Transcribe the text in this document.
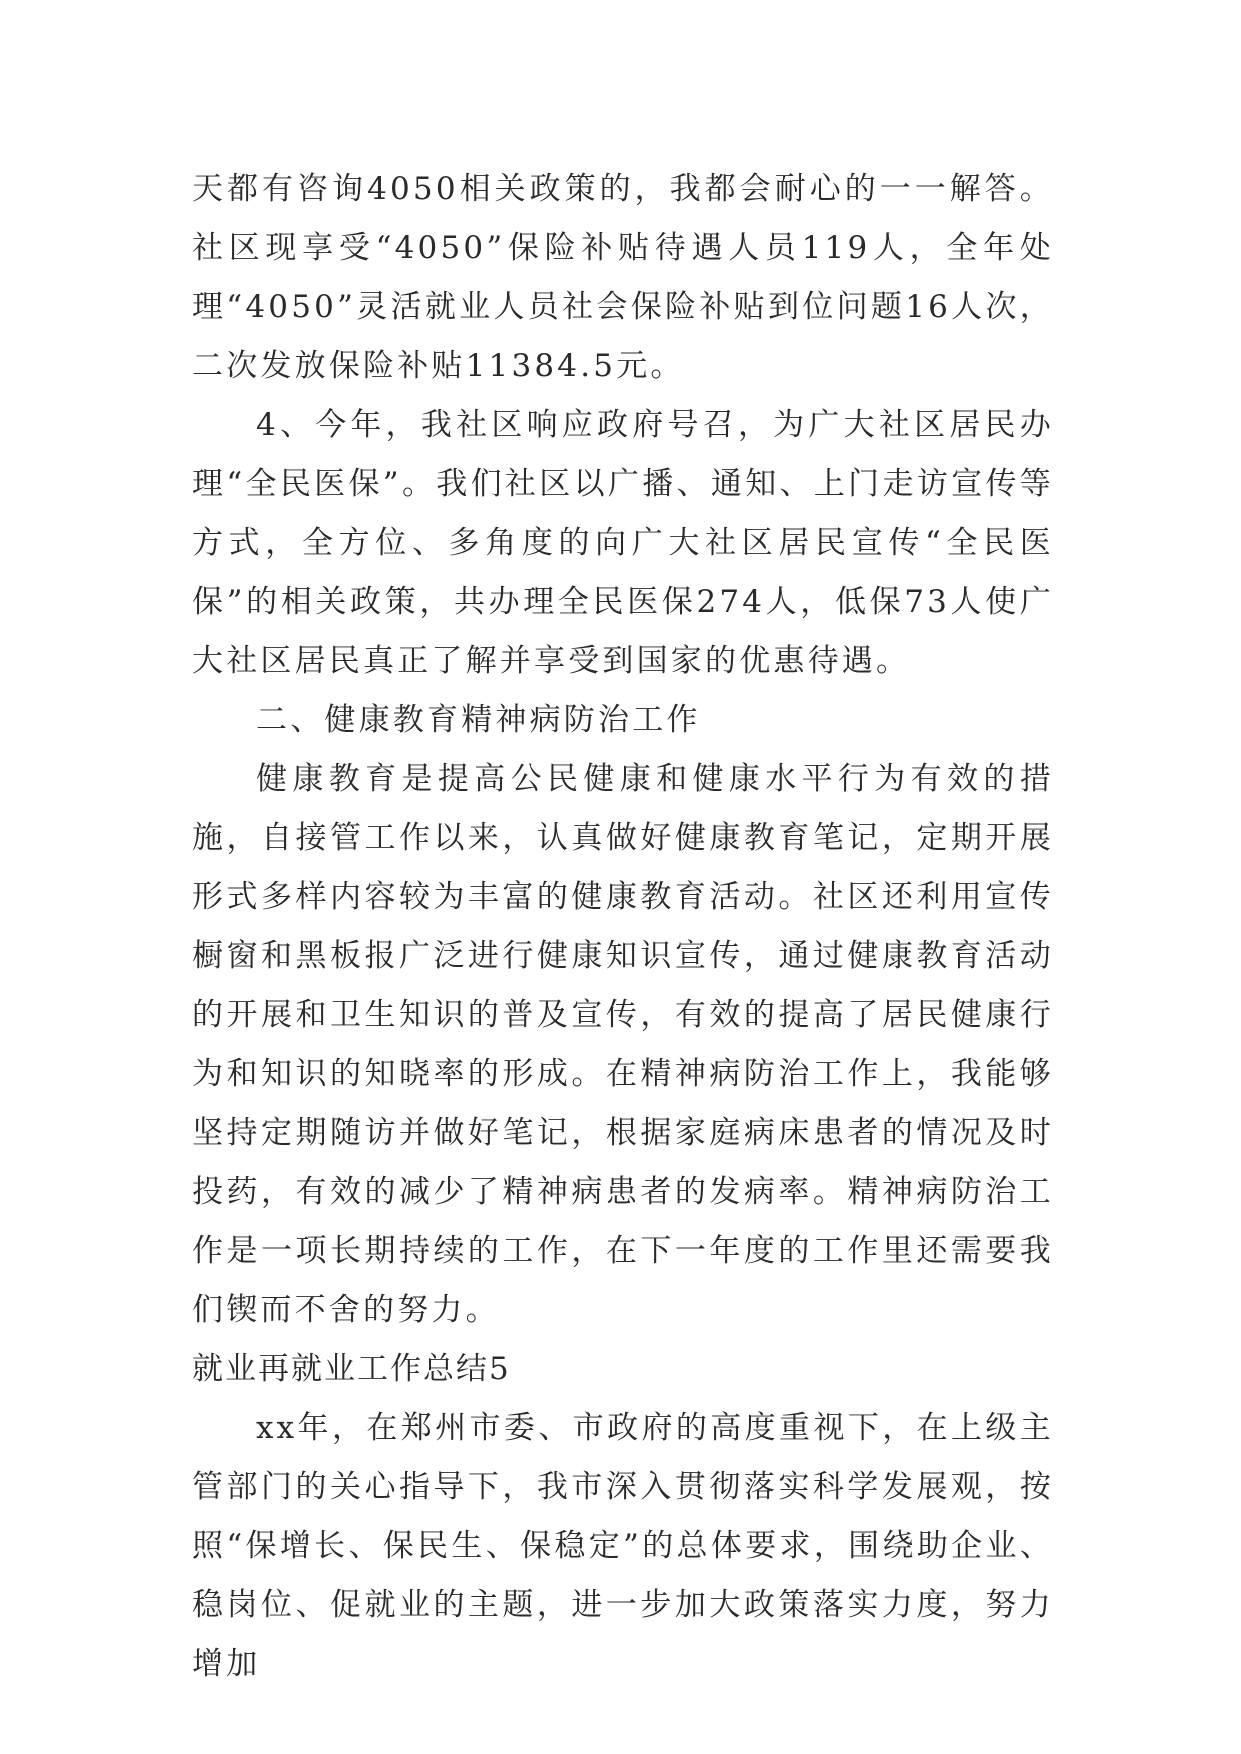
天都有咨询4050相关政策的，我都会耐心的一一解答。社区现享受“4050”保险补贴待遇人员119人，全年处理“4050”灵活就业人员社会保险补贴到位问题16人次，二次发放保险补贴11384.5元。

4、今年，我社区响应政府号召，为广大社区居民办理“全民医保”。我们社区以广播、通知、上门走访宣传等方式，全方位、多角度的向广大社区居民宣传“全民医保”的相关政策，共办理全民医保274人，低保73人使广大社区居民真正了解并享受到国家的优惠待遇。

二、健康教育精神病防治工作

健康教育是提高公民健康和健康水平行为有效的措施，自接管工作以来，认真做好健康教育笔记，定期开展形式多样内容较为丰富的健康教育活动。社区还利用宣传橱窗和黑板报广泛进行健康知识宣传，通过健康教育活动的开展和卫生知识的普及宣传，有效的提高了居民健康行为和知识的知晓率的形成。在精神病防治工作上，我能够坚持定期随访并做好笔记，根据家庭病床患者的情况及时投药，有效的减少了精神病患者的发病率。精神病防治工作是一项长期持续的工作，在下一年度的工作里还需要我们锲而不舍的努力。

就业再就业工作总结5

xx年，在郑州市委、市政府的高度重视下，在上级主管部门的关心指导下，我市深入贯彻落实科学发展观，按照“保增长、保民生、保稳定”的总体要求，围绕助企业、稳岗位、促就业的主题，进一步加大政策落实力度，努力增加
